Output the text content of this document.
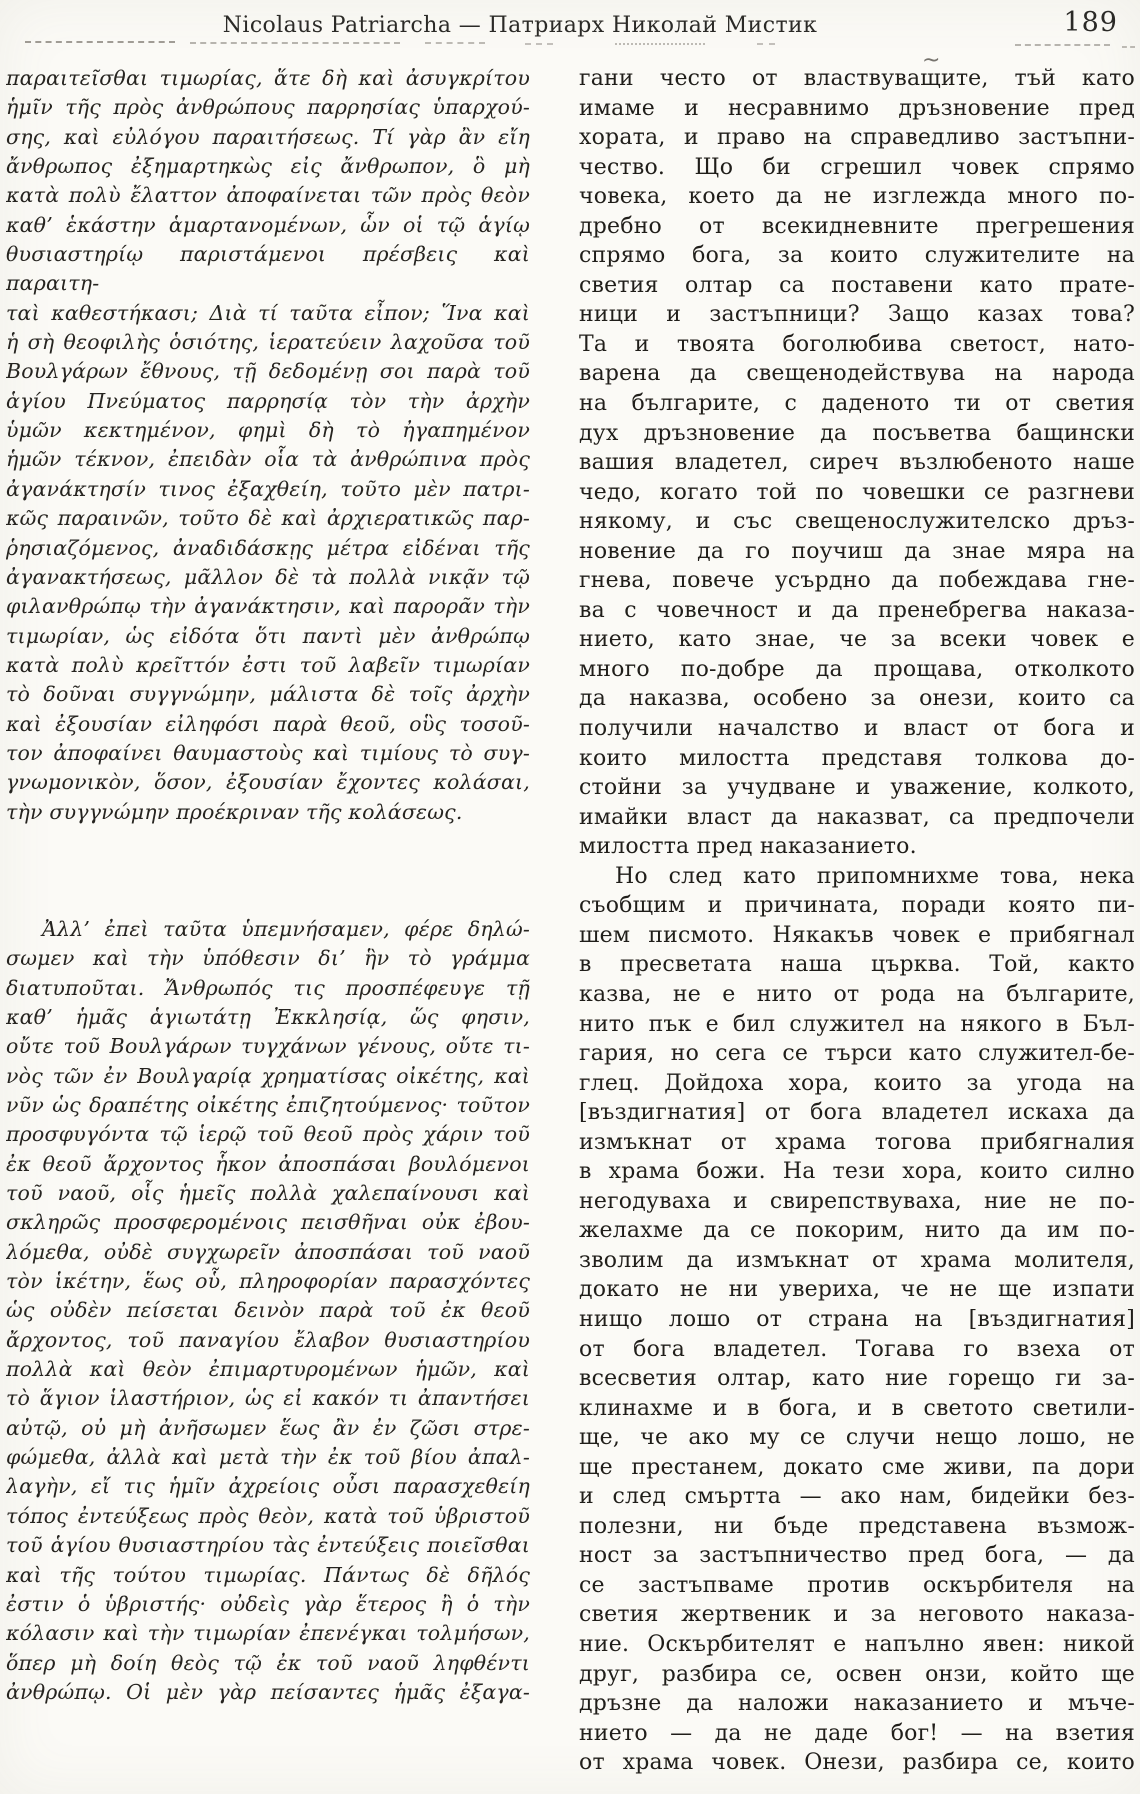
Nicolaus Patriarcha — Патриарх Николай Мистик	189
~
παραιτεῖσθαι τιμωρίας, ἅτε δὴ καὶ ἀσυγκρίτου
ἡμῖν τῆς πρὸς ἀνθρώπους παρρησίας ὑπαρχού-
σης, καὶ εὐλόγου παραιτήσεως. Τί γὰρ ἂν εἴη
ἄνθρωπος ἐξημαρτηκὼς εἰς ἄνθρωπον, ὃ μὴ
κατὰ πολὺ ἔλαττον ἀποφαίνεται τῶν πρὸς θεὸν
καθ’ ἑκάστην ἁμαρτανομένων, ὧν οἱ τῷ ἁγίῳ
θυσιαστηρίῳ παριστάμενοι πρέσβεις καὶ παραιτη-
ταὶ καθεστήκασι; Διὰ τί ταῦτα εἶπον; Ἵνα καὶ
ἡ σὴ θεοφιλὴς ὁσιότης, ἱερατεύειν λαχοῦσα τοῦ
Βουλγάρων ἔθνους, τῇ δεδομένῃ σοι παρὰ τοῦ
ἁγίου Πνεύματος παρρησίᾳ τὸν τὴν ἀρχὴν
ὑμῶν κεκτημένον, φημὶ δὴ τὸ ἠγαπημένον
ἡμῶν τέκνον, ἐπειδὰν οἷα τὰ ἀνθρώπινα πρὸς
ἀγανάκτησίν τινος ἐξαχθείη, τοῦτο μὲν πατρι-
κῶς παραινῶν, τοῦτο δὲ καὶ ἀρχιερατικῶς παρ-
ῥησιαζόμενος, ἀναδιδάσκῃς μέτρα εἰδέναι τῆς
ἀγανακτήσεως, μᾶλλον δὲ τὰ πολλὰ νικᾷν τῷ
φιλανθρώπῳ τὴν ἀγανάκτησιν, καὶ παρορᾶν τὴν
τιμωρίαν, ὡς εἰδότα ὅτι παντὶ μὲν ἀνθρώπῳ
κατὰ πολὺ κρεῖττόν ἐστι τοῦ λαβεῖν τιμωρίαν
τὸ δοῦναι συγγνώμην, μάλιστα δὲ τοῖς ἀρχὴν
καὶ ἐξουσίαν εἰληφόσι παρὰ θεοῦ, οὓς τοσοῦ-
τον ἀποφαίνει θαυμαστοὺς καὶ τιμίους τὸ συγ-
γνωμονικὸν, ὅσον, ἐξουσίαν ἔχοντες κολάσαι,
τὴν συγγνώμην προέκριναν τῆς κολάσεως.
Ἀλλ’ ἐπεὶ ταῦτα ὑπεμνήσαμεν, φέρε δηλώ-
σωμεν καὶ τὴν ὑπόθεσιν δι’ ἣν τὸ γράμμα
διατυποῦται. Ἄνθρωπός τις προσπέφευγε τῇ
καθ’ ἡμᾶς ἁγιωτάτῃ Ἐκκλησίᾳ, ὥς φησιν,
οὔτε τοῦ Βουλγάρων τυγχάνων γένους, οὔτε τι-
νὸς τῶν ἐν Βουλγαρίᾳ χρηματίσας οἰκέτης, καὶ
νῦν ὡς δραπέτης οἰκέτης ἐπιζητούμενος· τοῦτον
προσφυγόντα τῷ ἱερῷ τοῦ θεοῦ πρὸς χάριν τοῦ
ἐκ θεοῦ ἄρχοντος ἧκον ἀποσπάσαι βουλόμενοι
τοῦ ναοῦ, οἷς ἡμεῖς πολλὰ χαλεπαίνουσι καὶ
σκληρῶς προσφερομένοις πεισθῆναι οὐκ ἐβου-
λόμεθα, οὐδὲ συγχωρεῖν ἀποσπάσαι τοῦ ναοῦ
τὸν ἱκέτην, ἕως οὗ, πληροφορίαν παρασχόντες
ὡς οὐδὲν πείσεται δεινὸν παρὰ τοῦ ἐκ θεοῦ
ἄρχοντος, τοῦ παναγίου ἔλαβον θυσιαστηρίου
πολλὰ καὶ θεὸν ἐπιμαρτυρομένων ἡμῶν, καὶ
τὸ ἅγιον ἱλαστήριον, ὡς εἰ κακόν τι ἀπαντήσει
αὐτῷ, οὐ μὴ ἀνῆσωμεν ἕως ἂν ἐν ζῶσι στρε-
φώμεθα, ἀλλὰ καὶ μετὰ τὴν ἐκ τοῦ βίου ἀπαλ-
λαγὴν, εἴ τις ἡμῖν ἀχρείοις οὖσι παρασχεθείη
τόπος ἐντεύξεως πρὸς θεὸν, κατὰ τοῦ ὑβριστοῦ
τοῦ ἁγίου θυσιαστηρίου τὰς ἐντεύξεις ποιεῖσθαι
καὶ τῆς τούτου τιμωρίας. Πάντως δὲ δῆλός
ἐστιν ὁ ὑβριστής· οὐδεὶς γὰρ ἕτερος ἢ ὁ τὴν
κόλασιν καὶ τὴν τιμωρίαν ἐπενέγκαι τολμήσων,
ὅπερ μὴ δοίη θεὸς τῷ ἐκ τοῦ ναοῦ ληφθέντι
ἀνθρώπῳ. Οἱ μὲν γὰρ πείσαντες ἡμᾶς ἐξαγα-
гани често от властвуващите, тъй като
имаме и несравнимо дръзновение пред
хората, и право на справедливо застъпни-
чество. Що би сгрешил човек спрямо
човека, което да не изглежда много по-
дребно от всекидневните прегрешения
спрямо бога, за които служителите на
светия олтар са поставени като прате-
ници и застъпници? Защо казах това?
Та и твоята боголюбива светост, нато-
варена да свещенодействува на народа
на българите, с даденото ти от светия
дух дръзновение да посъветва бащински
вашия владетел, сиреч възлюбеното наше
чедо, когато той по човешки се разгневи
някому, и със свещенослужителско дръз-
новение да го поучиш да знае мяра на
гнева, повече усърдно да побеждава гне-
ва с човечност и да пренебрегва наказа-
нието, като знае, че за всеки човек е
много по-добре да прощава, отколкото
да наказва, особено за онези, които са
получили началство и власт от бога и
които милостта представя толкова до-
стойни за учудване и уважение, колкото,
имайки власт да наказват, са предпочели
милостта пред наказанието.
Но след като припомнихме това, нека
съобщим и причината, поради която пи-
шем писмото. Някакъв човек е прибягнал
в пресветата наша църква. Той, както
казва, не е нито от рода на българите,
нито пък е бил служител на някого в Бъл-
гария, но сега се търси като служител-бе-
глец. Дойдоха хора, които за угода на
[въздигнатия] от бога владетел искаха да
измъкнат от храма тогова прибягналия
в храма божи. На тези хора, които силно
негодуваха и свирепствуваха, ние не по-
желахме да се покорим, нито да им по-
зволим да измъкнат от храма молителя,
докато не ни увериха, че не ще изпати
нищо лошо от страна на [въздигнатия]
от бога владетел. Тогава го взеха от
всесветия олтар, като ние горещо ги за-
клинахме и в бога, и в светото светили-
ще, че ако му се случи нещо лошо, не
ще престанем, докато сме живи, па дори
и след смъртта — ако нам, бидейки без-
полезни, ни бъде представена възмож-
ност за застъпничество пред бога, — да
се застъпваме против оскърбителя на
светия жертвеник и за неговото наказа-
ние. Оскърбителят е напълно явен: никой
друг, разбира се, освен онзи, който ще
дръзне да наложи наказанието и мъче-
нието — да не даде бог! — на взетия
от храма човек. Онези, разбира се, които
